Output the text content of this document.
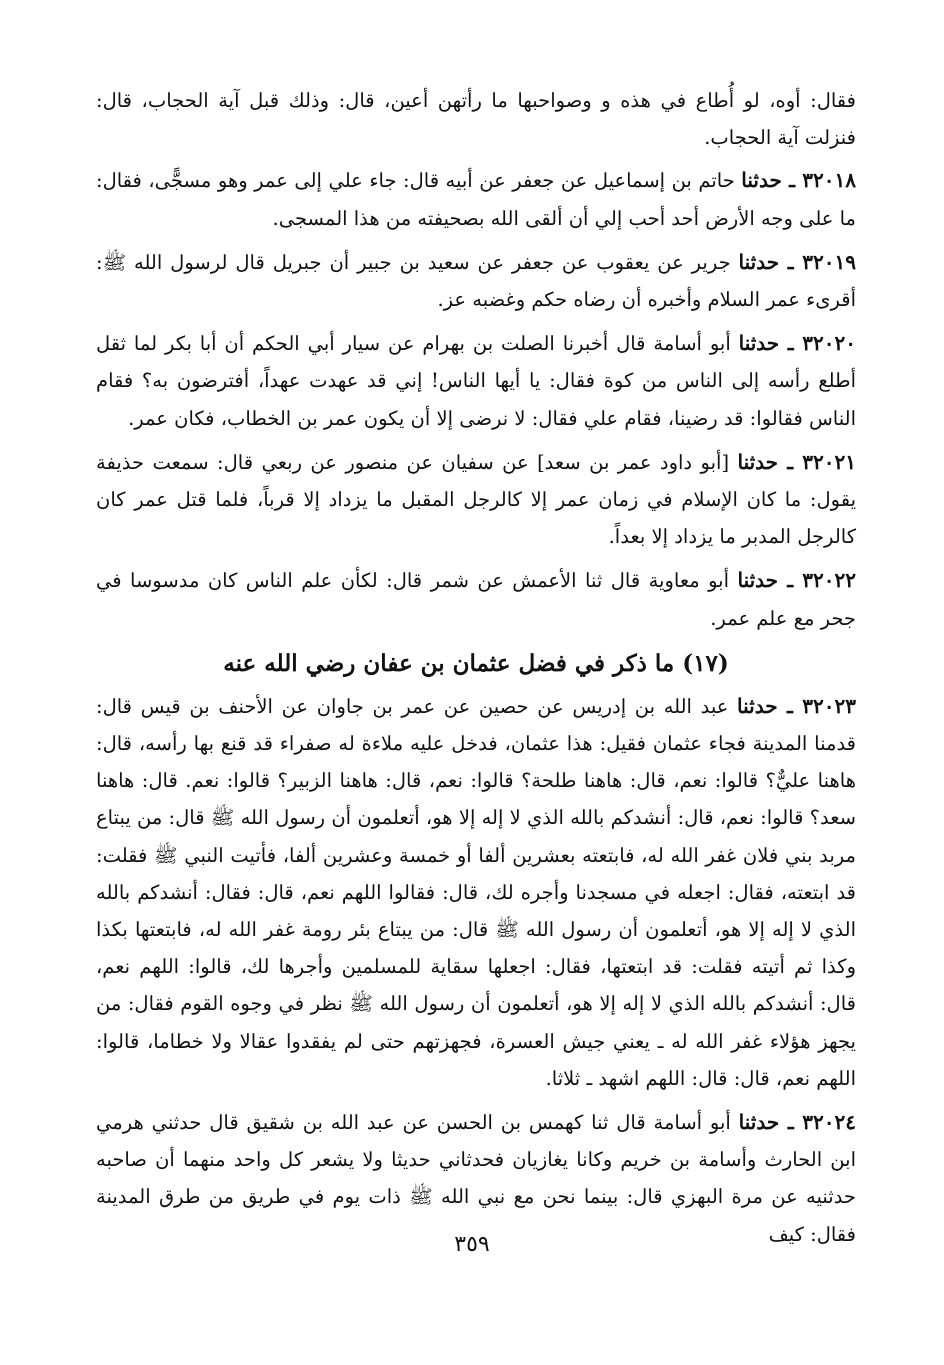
فقال: أوه، لو أُطاع في هذه و وصواحبها ما رأتهن أعين، قال: وذلك قبل آية الحجاب، قال: فنزلت آية الحجاب.

٣٢٠١٨ ـ حدثنا حاتم بن إسماعيل عن جعفر عن أبيه قال: جاء علي إلى عمر وهو مسجًّى، فقال: ما على وجه الأرض أحد أحب إلي أن ألقى الله بصحيفته من هذا المسجى.

٣٢٠١٩ ـ حدثنا جرير عن يعقوب عن جعفر عن سعيد بن جبير أن جبريل قال لرسول الله ﷺ: أقرىء عمر السلام وأخبره أن رضاه حكم وغضبه عز.

٣٢٠٢٠ ـ حدثنا أبو أسامة قال أخبرنا الصلت بن بهرام عن سيار أبي الحكم أن أبا بكر لما ثقل أطلع رأسه إلى الناس من كوة فقال: يا أيها الناس! إني قد عهدت عهداً، أفترضون به؟ فقام الناس فقالوا: قد رضينا، فقام علي فقال: لا نرضى إلا أن يكون عمر بن الخطاب، فكان عمر.

٣٢٠٢١ ـ حدثنا [أبو داود عمر بن سعد] عن سفيان عن منصور عن ربعي قال: سمعت حذيفة يقول: ما كان الإسلام في زمان عمر إلا كالرجل المقبل ما يزداد إلا قرباً، فلما قتل عمر كان كالرجل المدبر ما يزداد إلا بعداً.

٣٢٠٢٢ ـ حدثنا أبو معاوية قال ثنا الأعمش عن شمر قال: لكأن علم الناس كان مدسوسا في جحر مع علم عمر.

(١٧) ما ذكر في فضل عثمان بن عفان رضي الله عنه

٣٢٠٢٣ ـ حدثنا عبد الله بن إدريس عن حصين عن عمر بن جاوان عن الأحنف بن قيس قال: قدمنا المدينة فجاء عثمان فقيل: هذا عثمان، فدخل عليه ملاءة له صفراء قد قنع بها رأسه، قال: هاهنا عليٌّ؟ قالوا: نعم، قال: هاهنا طلحة؟ قالوا: نعم، قال: هاهنا الزبير؟ قالوا: نعم. قال: هاهنا سعد؟ قالوا: نعم، قال: أنشدكم بالله الذي لا إله إلا هو، أتعلمون أن رسول الله ﷺ قال: من يبتاع مربد بني فلان غفر الله له، فابتعته بعشرين ألفا أو خمسة وعشرين ألفا، فأتيت النبي ﷺ فقلت: قد ابتعته، فقال: اجعله في مسجدنا وأجره لك، قال: فقالوا اللهم نعم، قال: فقال: أنشدكم بالله الذي لا إله إلا هو، أتعلمون أن رسول الله ﷺ قال: من يبتاع بئر رومة غفر الله له، فابتعتها بكذا وكذا ثم أتيته فقلت: قد ابتعتها، فقال: اجعلها سقاية للمسلمين وأجرها لك، قالوا: اللهم نعم، قال: أنشدكم بالله الذي لا إله إلا هو، أتعلمون أن رسول الله ﷺ نظر في وجوه القوم فقال: من يجهز هؤلاء غفر الله له ـ يعني جيش العسرة، فجهزتهم حتى لم يفقدوا عقالا ولا خطاما، قالوا: اللهم نعم، قال: قال: اللهم اشهد ـ ثلاثا.

٣٢٠٢٤ ـ حدثنا أبو أسامة قال ثنا كهمس بن الحسن عن عبد الله بن شقيق قال حدثني هرمي ابن الحارث وأسامة بن خريم وكانا يغازيان فحدثاني حديثا ولا يشعر كل واحد منهما أن صاحبه حدثنيه عن مرة البهزي قال: بينما نحن مع نبي الله ﷺ ذات يوم في طريق من طرق المدينة فقال: كيف

٣٥٩
